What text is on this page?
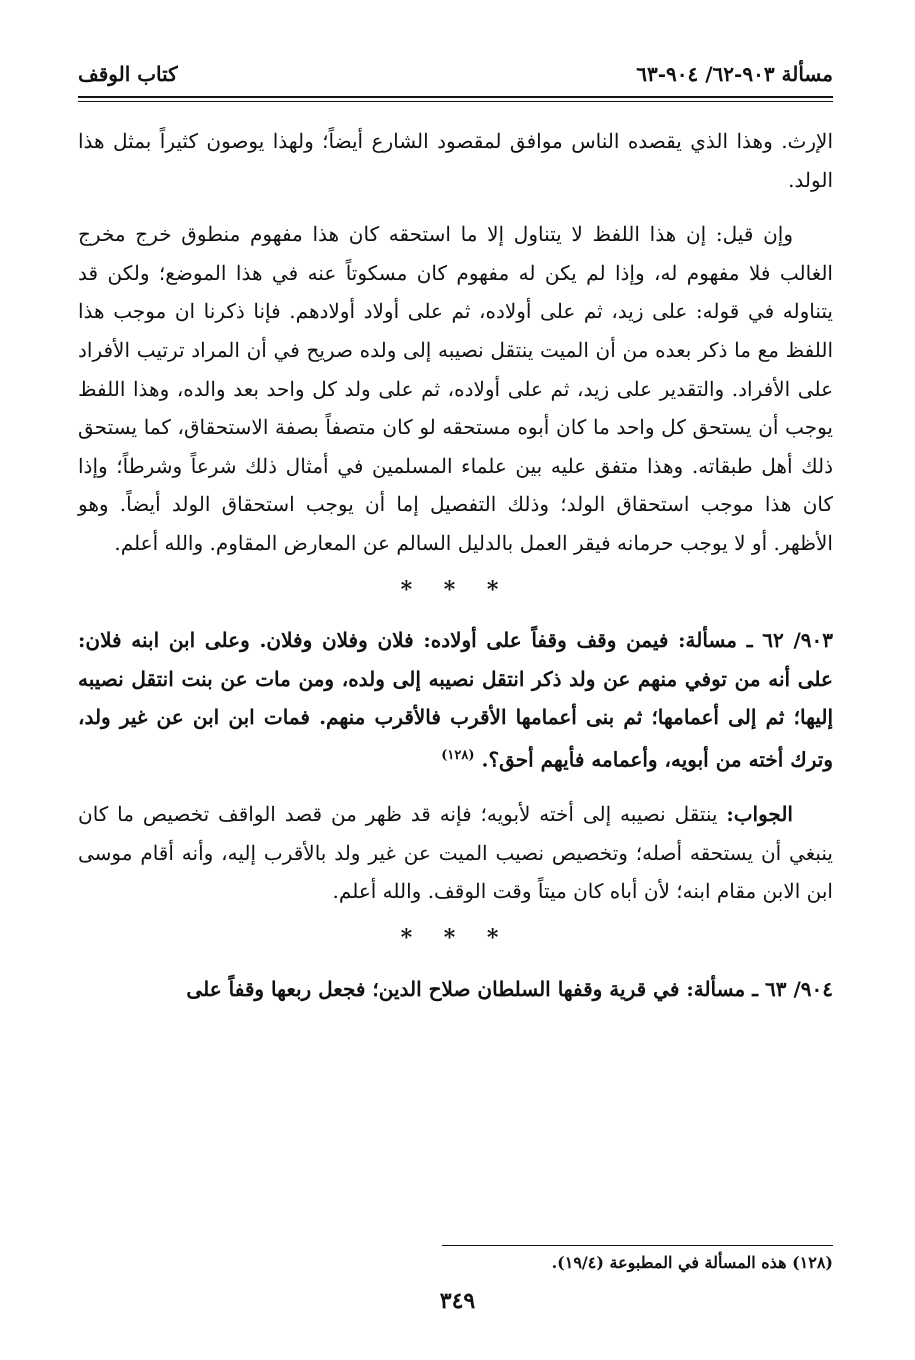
مسألة ٩٠٣-٦٢/ ٩٠٤-٦٣
كتاب الوقف

الإرث. وهذا الذي يقصده الناس موافق لمقصود الشارع أيضاً؛ ولهذا يوصون كثيراً بمثل هذا الولد.

وإن قيل: إن هذا اللفظ لا يتناول إلا ما استحقه كان هذا مفهوم منطوق خرج مخرج الغالب فلا مفهوم له، وإذا لم يكن له مفهوم كان مسكوتاً عنه في هذا الموضع؛ ولكن قد يتناوله في قوله: على زيد، ثم على أولاده، ثم على أولاد أولادهم. فإنا ذكرنا ان موجب هذا اللفظ مع ما ذكر بعده من أن الميت ينتقل نصيبه إلى ولده صريح في أن المراد ترتيب الأفراد على الأفراد. والتقدير على زيد، ثم على أولاده، ثم على ولد كل واحد بعد والده، وهذا اللفظ يوجب أن يستحق كل واحد ما كان أبوه مستحقه لو كان متصفاً بصفة الاستحقاق، كما يستحق ذلك أهل طبقاته. وهذا متفق عليه بين علماء المسلمين في أمثال ذلك شرعاً وشرطاً؛ وإذا كان هذا موجب استحقاق الولد؛ وذلك التفصيل إما أن يوجب استحقاق الولد أيضاً. وهو الأظهر. أو لا يوجب حرمانه فيقر العمل بالدليل السالم عن المعارض المقاوم. والله أعلم.

* * *

٩٠٣/ ٦٢ ـ مسألة: فيمن وقف وقفاً على أولاده: فلان وفلان وفلان. وعلى ابن ابنه فلان: على أنه من توفي منهم عن ولد ذكر انتقل نصيبه إلى ولده، ومن مات عن بنت انتقل نصيبه إليها؛ ثم إلى أعمامها؛ ثم بنى أعمامها الأقرب فالأقرب منهم. فمات ابن ابن عن غير ولد، وترك أخته من أبويه، وأعمامه فأيهم أحق؟. $^{(١٢٨)}$

الجواب: ينتقل نصيبه إلى أخته لأبويه؛ فإنه قد ظهر من قصد الواقف تخصيص ما كان ينبغي أن يستحقه أصله؛ وتخصيص نصيب الميت عن غير ولد بالأقرب إليه، وأنه أقام موسى ابن الابن مقام ابنه؛ لأن أباه كان ميتاً وقت الوقف. والله أعلم.

* * *

٩٠٤/ ٦٣ ـ مسألة: في قرية وقفها السلطان صلاح الدين؛ فجعل ربعها وقفاً على

(١٢٨) هذه المسألة في المطبوعة (١٩/٤).
٣٤٩
